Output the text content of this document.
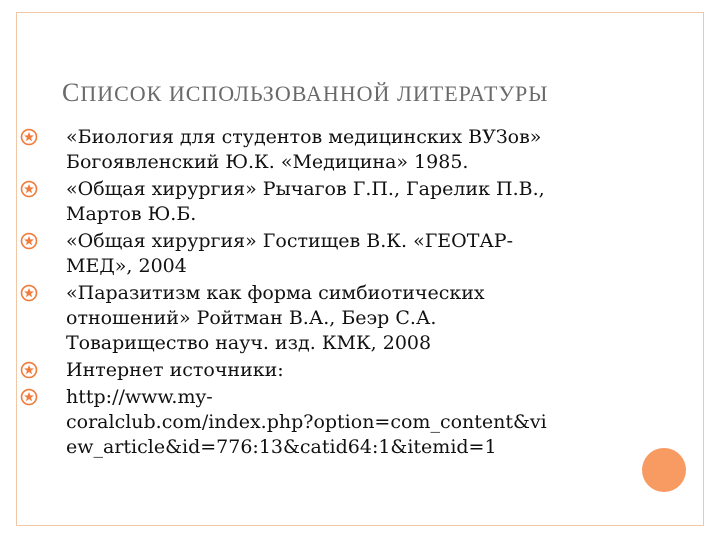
СПИСОК ИСПОЛЬЗОВАННОЙ ЛИТЕРАТУРЫ
«Биология для студентов медицинских ВУЗов»
Богоявленский Ю.К. «Медицина» 1985.
«Общая хирургия» Рычагов Г.П., Гарелик П.В.,
Мартов Ю.Б.
«Общая хирургия» Гостищев В.К. «ГЕОТАР-
МЕД», 2004
«Паразитизм как форма симбиотических
отношений» Ройтман В.А., Беэр С.А.
Товарищество науч. изд. КМК, 2008
Интернет источники:
http://www.my-
coralclub.com/index.php?option=com_content&vi
ew_article&id=776:13&catid64:1&itemid=1
